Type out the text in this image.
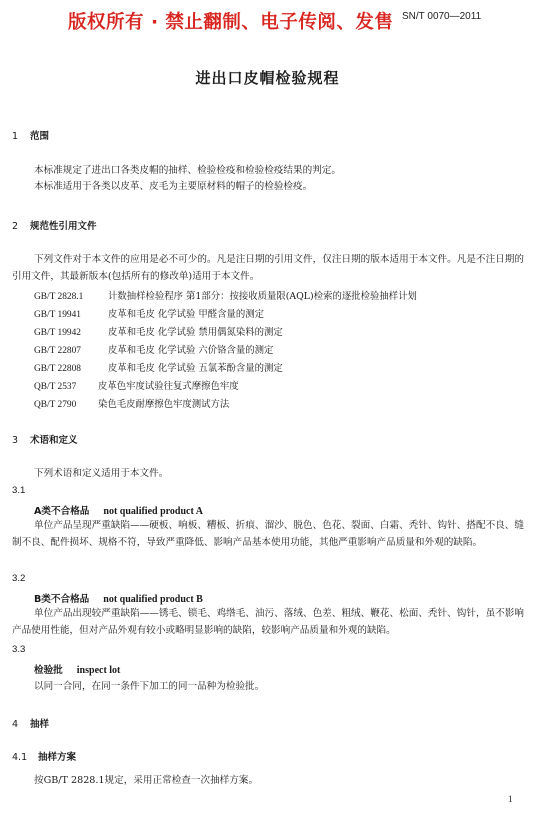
版权所有 · 禁止翻制、电子传阅、发售 SN/T 0070—2011
进出口皮帽检验规程
1 范围
本标准规定了进出口各类皮帽的抽样、检验检疫和检验检疫结果的判定。
本标准适用于各类以皮革、皮毛为主要原材料的帽子的检验检疫。
2 规范性引用文件
下列文件对于本文件的应用是必不可少的。凡是注日期的引用文件，仅注日期的版本适用于本文件。凡是不注日期的引用文件，其最新版本(包括所有的修改单)适用于本文件。
GB/T 2828.1	计数抽样检验程序 第1部分：按接收质量限(AQL)检索的逐批检验抽样计划
GB/T 19941	皮革和毛皮 化学试验 甲醛含量的测定
GB/T 19942	皮革和毛皮 化学试验 禁用偶氮染料的测定
GB/T 22807	皮革和毛皮 化学试验 六价铬含量的测定
GB/T 22808	皮革和毛皮 化学试验 五氯苯酚含量的测定
QB/T 2537 皮革色牢度试验往复式摩擦色牢度
QB/T 2790 染色毛皮耐摩擦色牢度测试方法
3 术语和定义
下列术语和定义适用于本文件。
3.1
A类不合格品 not qualified product A
单位产品呈现严重缺陷——硬板、响板、糟板、折痕、溜沙、脱色、色花、裂面、白霜、秃针、钩针、搭配不良、缝制不良、配件损坏、规格不符，导致严重降低、影响产品基本使用功能，其他严重影响产品质量和外观的缺陷。
3.2
B类不合格品 not qualified product B
单位产品出现较严重缺陷——锈毛、锁毛、鸡绺毛、油污、落绒、色差、粗绒、鞭花、松面、秃针、钩针，虽不影响产品使用性能，但对产品外观有较小或略明显影响的缺陷，较影响产品质量和外观的缺陷。
3.3
检验批 inspect lot
以同一合同，在同一条件下加工的同一品种为检验批。
4 抽样
4.1 抽样方案
按GB/T 2828.1规定，采用正常检查一次抽样方案。
1
